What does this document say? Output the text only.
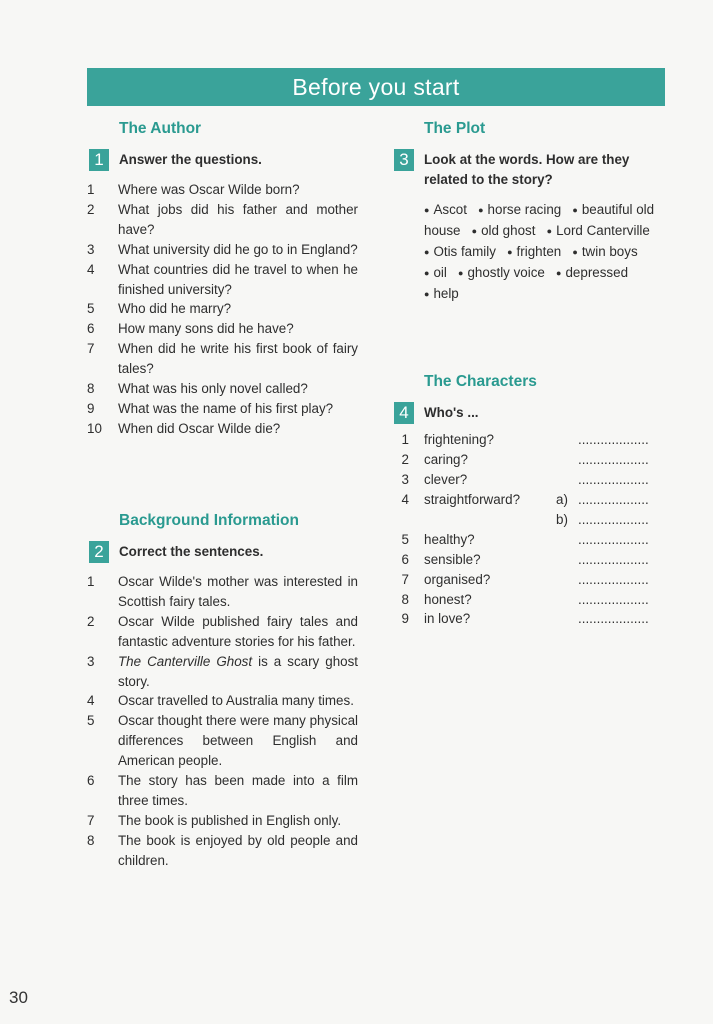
Before you start
The Author
1	Answer the questions.
1	Where was Oscar Wilde born?
2	What jobs did his father and mother have?
3	What university did he go to in England?
4	What countries did he travel to when he finished university?
5	Who did he marry?
6	How many sons did he have?
7	When did he write his first book of fairy tales?
8	What was his only novel called?
9	What was the name of his first play?
10 When did Oscar Wilde die?
Background Information
2	Correct the sentences.
1	Oscar Wilde's mother was interested in Scottish fairy tales.
2	Oscar Wilde published fairy tales and fantastic adventure stories for his father.
3	The Canterville Ghost is a scary ghost story.
4	Oscar travelled to Australia many times.
5	Oscar thought there were many physical differences between English and American people.
6	The story has been made into a film three times.
7	The book is published in English only.
8	The book is enjoyed by old people and children.
The Plot
3	Look at the words. How are they related to the story?
● Ascot ● horse racing ● beautiful old house ● old ghost ● Lord Canterville   ● Otis family ● frighten ● twin boys   ● oil ● ghostly voice ● depressed   ● help
The Characters
4	Who's ...
1 frightening?	...................
2 caring?	...................
3 clever?	...................
4 straightforward?	a) ...................
b) ...................
5 healthy?	...................
6 sensible?	...................
7 organised?	...................
8 honest?	...................
9 in love?	...................
30
